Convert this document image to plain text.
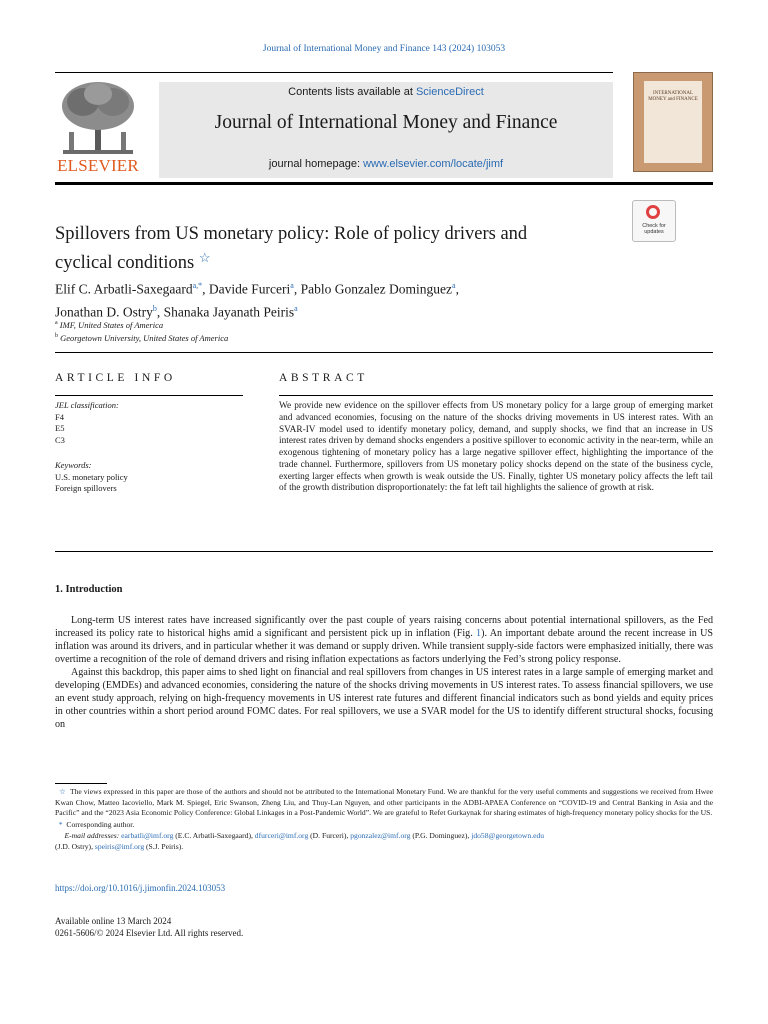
Journal of International Money and Finance 143 (2024) 103053
ELSEVIER
Contents lists available at ScienceDirect
Journal of International Money and Finance
journal homepage: www.elsevier.com/locate/jimf
INTERNATIONAL MONEY and FINANCE
Spillovers from US monetary policy: Role of policy drivers and
cyclical conditions ☆
Check for updates
Elif C. Arbatli-Saxegaard$^{a,*}$, Davide Furceri$^a$, Pablo Gonzalez Dominguez$^a$,
Jonathan D. Ostry$^b$, Shanaka Jayanath Peiris$^a$
$^a$ IMF, United States of America
$^b$ Georgetown University, United States of America
ARTICLE INFO	ABSTRACT
JEL classification:
F4
E5
C3
Keywords:
U.S. monetary policy
Foreign spillovers
We provide new evidence on the spillover effects from US monetary policy for a large group of emerging market and advanced economies, focusing on the nature of the shocks driving movements in US interest rates. With an SVAR-IV model used to identify monetary policy, demand, and supply shocks, we find that an increase in US interest rates driven by demand shocks engenders a positive spillover to economic activity in the near-term, while an exogenous tightening of monetary policy has a large negative spillover effect, highlighting the importance of the trade channel. Furthermore, spillovers from US monetary policy shocks depend on the state of the business cycle, exerting larger effects when growth is weak outside the US. Finally, tighter US monetary policy affects the left tail of the growth distribution disproportionately: the fat left tail highlights the salience of growth at risk.
1. Introduction

Long-term US interest rates have increased significantly over the past couple of years raising concerns about potential international spillovers, as the Fed increased its policy rate to historical highs amid a significant and persistent pick up in inflation (Fig. 1). An important debate around the recent increase in US inflation was around its drivers, and in particular whether it was demand or supply driven. While transient supply-side factors were emphasized initially, there was overtime a recognition of the role of demand drivers and rising inflation expectations as factors underlying the Fed’s strong policy response.

Against this backdrop, this paper aims to shed light on financial and real spillovers from changes in US interest rates in a large sample of emerging market and developing (EMDEs) and advanced economies, considering the nature of the shocks driving movements in US interest rates. To assess financial spillovers, we use an event study approach, relying on high-frequency movements in US interest rate futures and different financial indicators such as bond yields and equity prices in other countries within a short period around FOMC dates. For real spillovers, we use a SVAR model for the US to identify different structural shocks, focusing on

☆ The views expressed in this paper are those of the authors and should not be attributed to the International Monetary Fund. We are thankful for the very useful comments and suggestions we received from Hwee Kwan Chow, Matteo Iacoviello, Mark M. Spiegel, Eric Swanson, Zheng Liu, and Thuy-Lan Nguyen, and other participants in the ADBI-APAEA Conference on “COVID-19 and Central Banking in Asia and the Pacific” and the “2023 Asia Economic Policy Conference: Global Linkages in a Post-Pandemic World”. We are grateful to Refet Gurkaynak for sharing estimates of high-frequency monetary policy shocks for the US.

* Corresponding author.

E-mail addresses: earbatli@imf.org (E.C. Arbatli-Saxegaard), dfurceri@imf.org (D. Furceri), pgonzalez@imf.org (P.G. Dominguez), jdo58@georgetown.edu
(J.D. Ostry), speiris@imf.org (S.J. Peiris).

https://doi.org/10.1016/j.jimonfin.2024.103053
Available online 13 March 2024
0261-5606/© 2024 Elsevier Ltd. All rights reserved.
